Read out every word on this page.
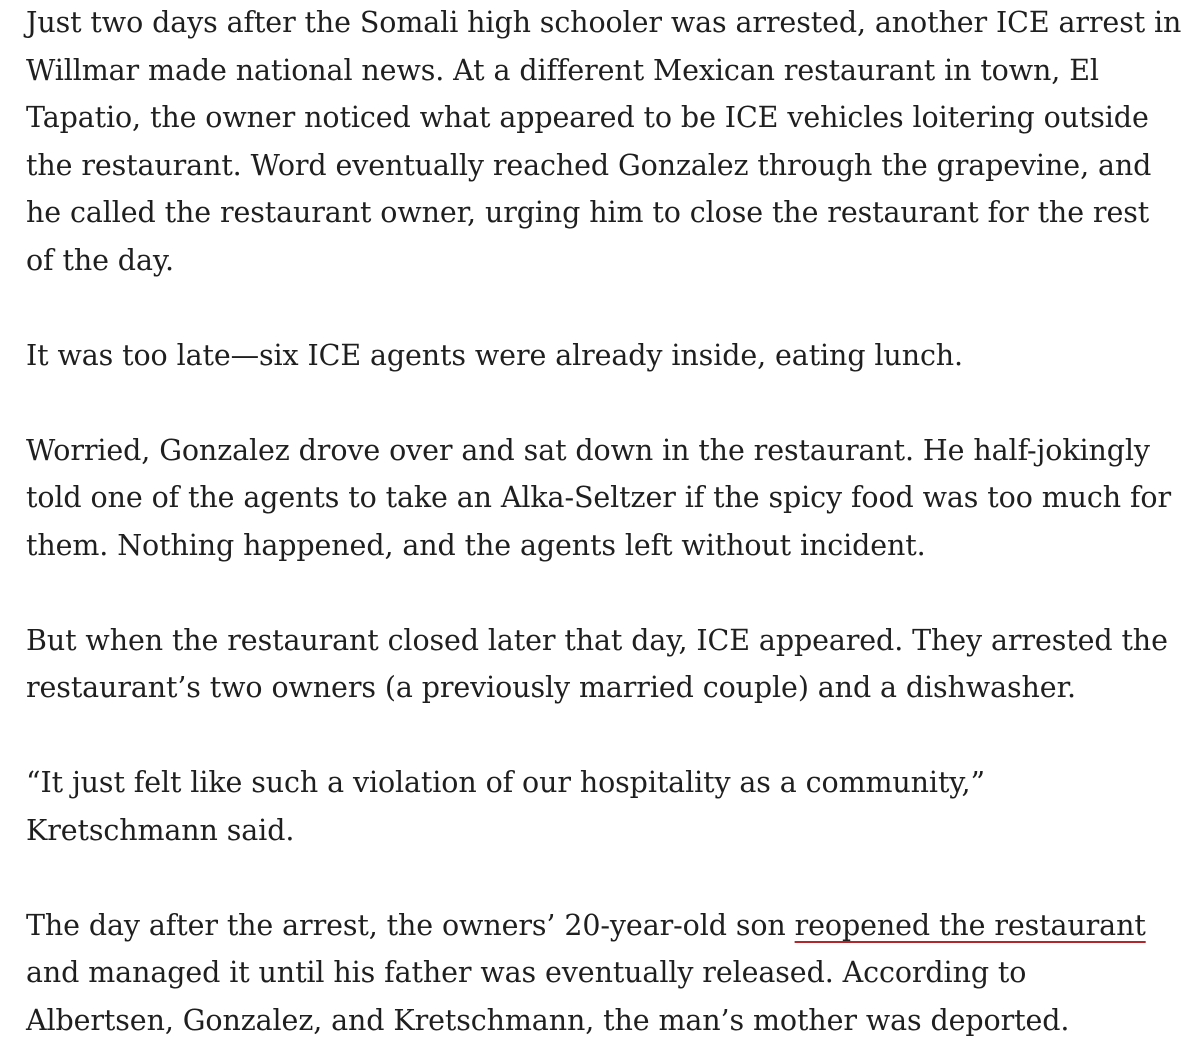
Just two days after the Somali high schooler was arrested, another ICE arrest in Willmar made national news. At a different Mexican restaurant in town, El Tapatio, the owner noticed what appeared to be ICE vehicles loitering outside the restaurant. Word eventually reached Gonzalez through the grapevine, and he called the restaurant owner, urging him to close the restaurant for the rest of the day.

It was too late—six ICE agents were already inside, eating lunch.

Worried, Gonzalez drove over and sat down in the restaurant. He half-jokingly told one of the agents to take an Alka-Seltzer if the spicy food was too much for them. Nothing happened, and the agents left without incident.

But when the restaurant closed later that day, ICE appeared. They arrested the restaurant’s two owners (a previously married couple) and a dishwasher.

“It just felt like such a violation of our hospitality as a community,” Kretschmann said.

The day after the arrest, the owners’ 20-year-old son reopened the restaurant and managed it until his father was eventually released. According to Albertsen, Gonzalez, and Kretschmann, the man’s mother was deported.
